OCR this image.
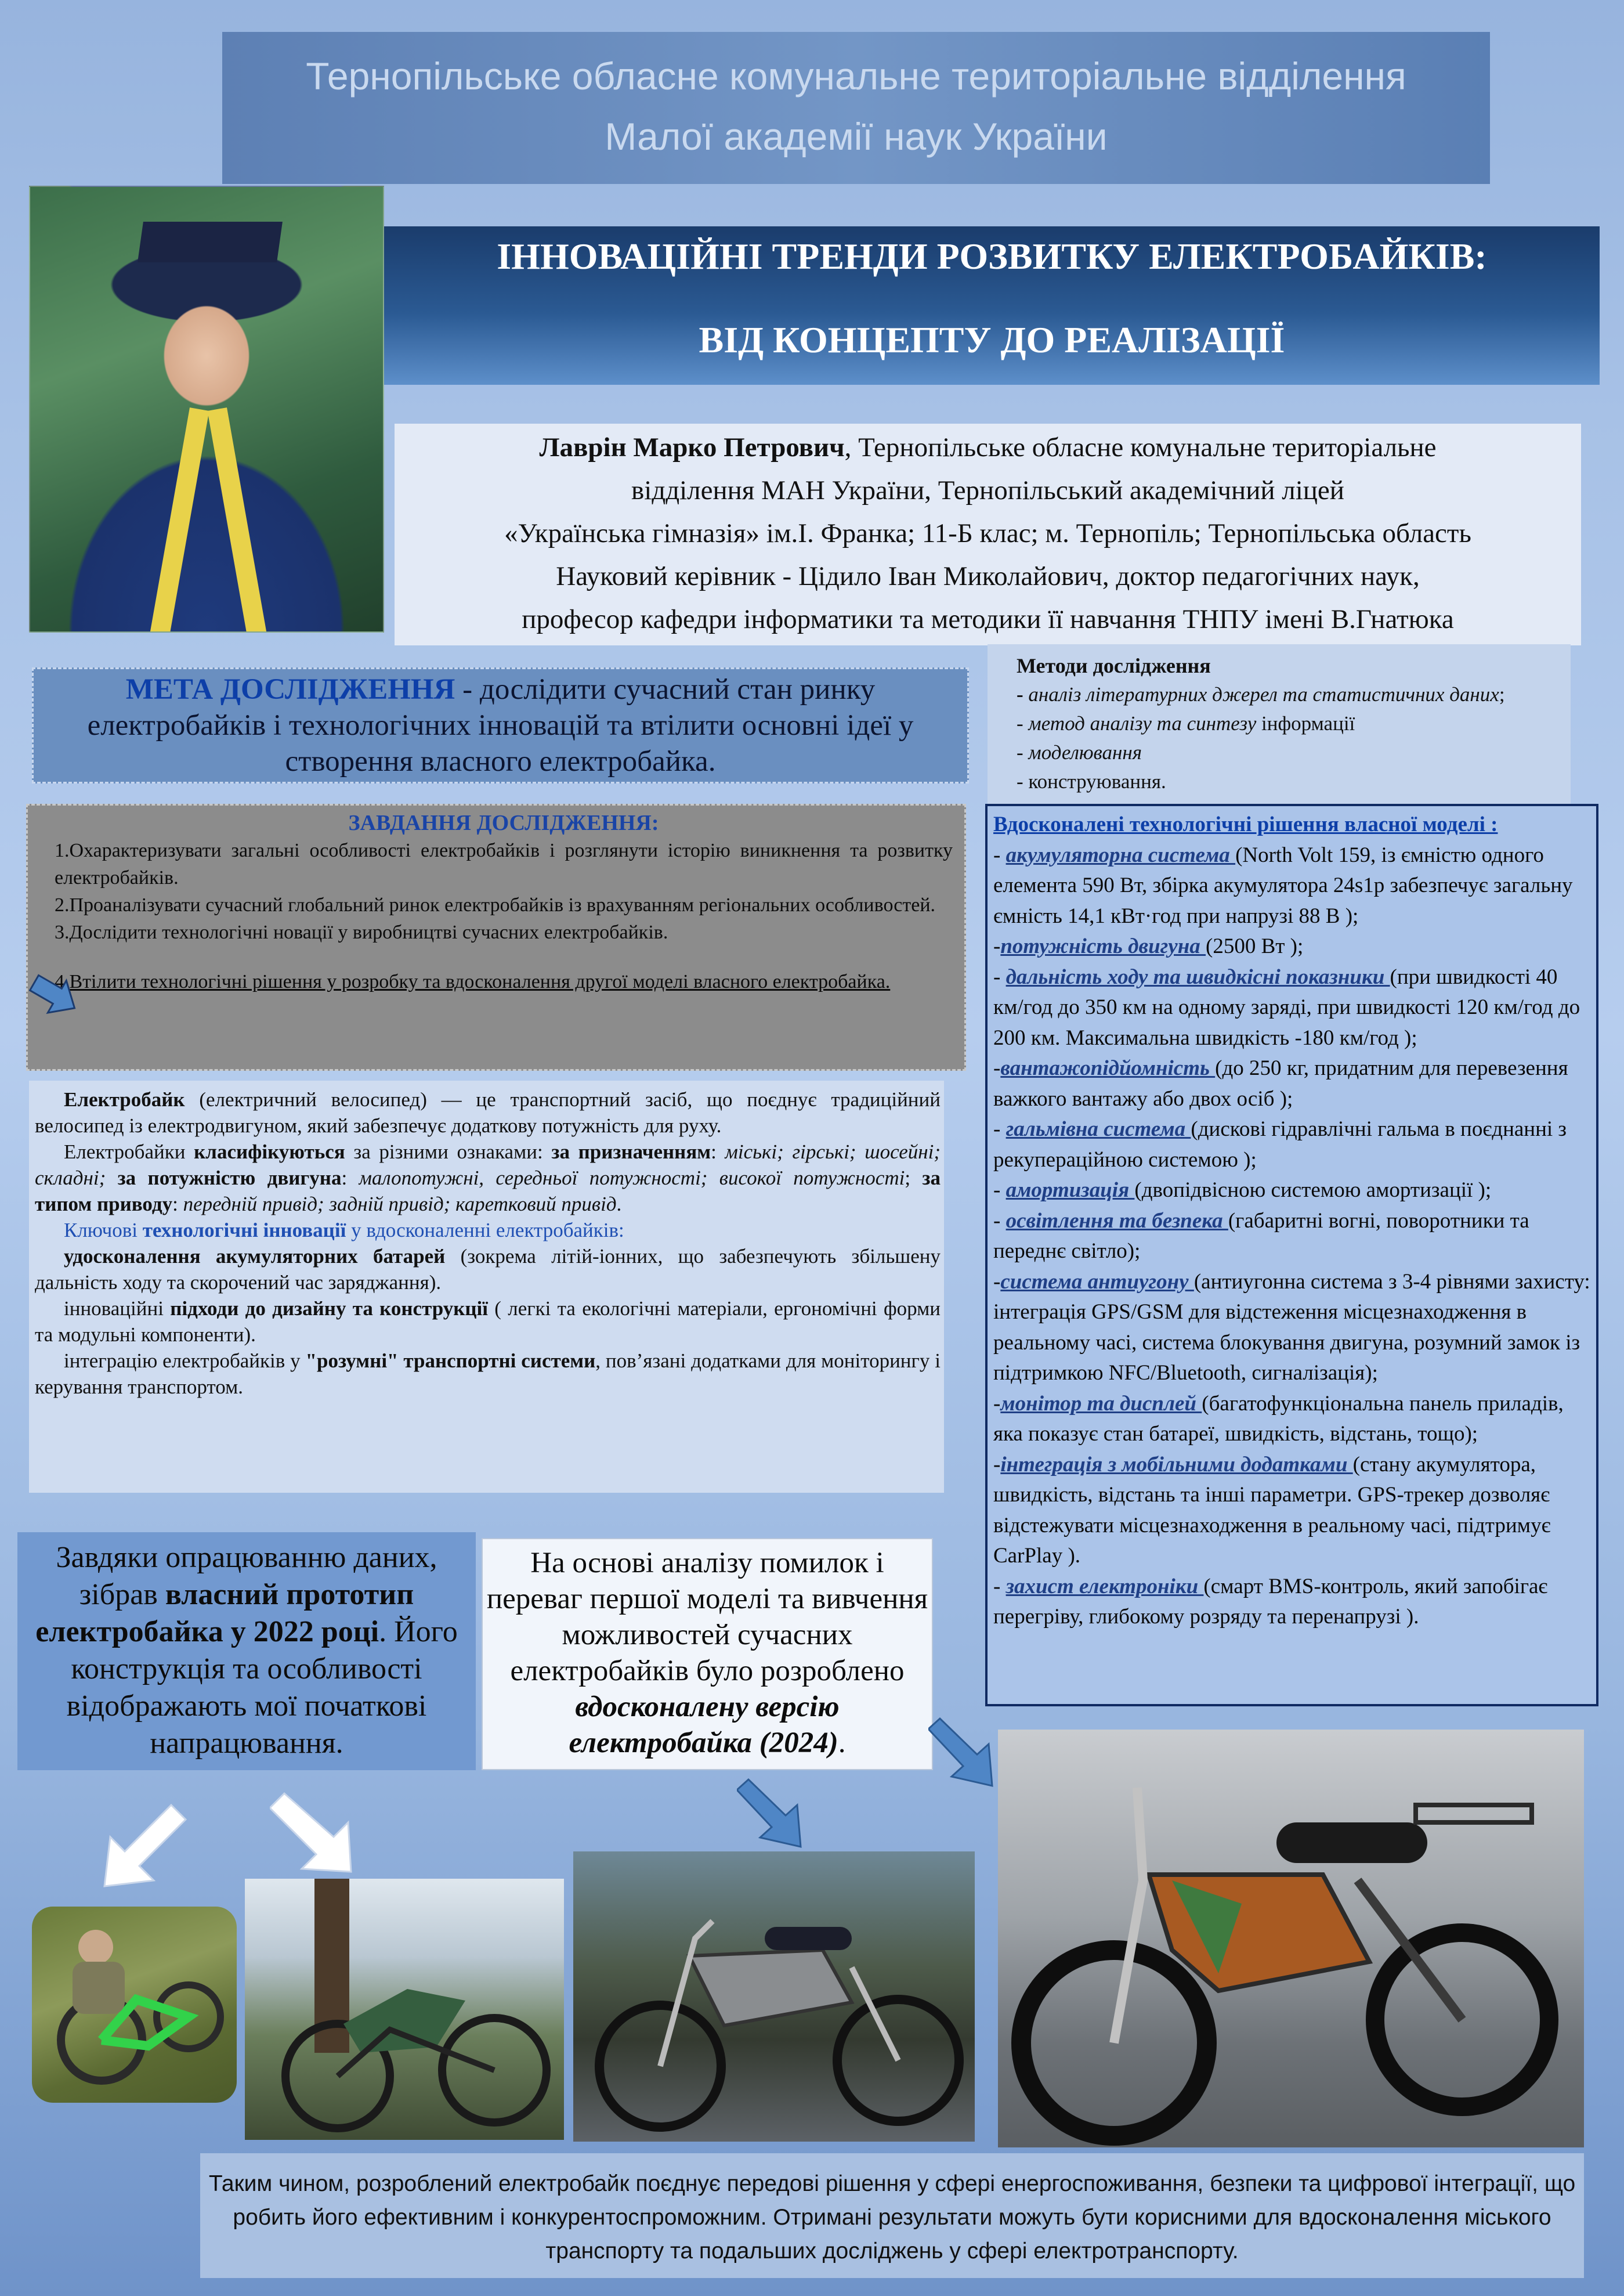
Тернопільське обласне комунальне територіальне відділення
Малої академії наук України
ІННОВАЦІЙНІ ТРЕНДИ РОЗВИТКУ ЕЛЕКТРОБАЙКІВ:
ВІД КОНЦЕПТУ ДО РЕАЛІЗАЦІЇ
Лаврін Марко Петрович, Тернопільське обласне комунальне територіальне
відділення МАН України, Тернопільський академічний ліцей
«Українська гімназія» ім.І. Франка; 11-Б клас; м. Тернопіль; Тернопільська область
Науковий керівник - Цідило Іван Миколайович, доктор педагогічних наук,
професор кафедри інформатики та методики її навчання ТНПУ імені В.Гнатюка
МЕТА ДОСЛІДЖЕННЯ - дослідити сучасний стан ринку електробайків і технологічних інновацій та втілити основні ідеї у створення власного електробайка.
Методи дослідження
- аналіз літературних джерел та статистичних даних;
- метод аналізу та синтезу інформації
- моделювання
- конструювання.
ЗАВДАННЯ ДОСЛІДЖЕННЯ:
1.Охарактеризувати загальні особливості електробайків і розглянути історію виникнення та розвитку електробайків.
2.Проаналізувати сучасний глобальний ринок електробайків із врахуванням регіональних особливостей.
3.Дослідити технологічні новації у виробництві сучасних електробайків.
4.Втілити технологічні рішення у розробку та вдосконалення другої моделі власного електробайка.

Електробайк (електричний велосипед) — це транспортний засіб, що поєднує традиційний велосипед із електродвигуном, який забезпечує додаткову потужність для руху.

Електробайки класифікуються за різними ознаками: за призначенням: міські; гірські; шосейні; складні; за потужністю двигуна: малопотужні, середньої потужності; високої потужності; за типом приводу: передній привід; задній привід; каретковий привід.

Ключові технологічні інновації у вдосконаленні електробайків:

удосконалення акумуляторних батарей (зокрема літій-іонних, що забезпечують збільшену дальність ходу та скорочений час заряджання).

інноваційні підходи до дизайну та конструкції ( легкі та екологічні матеріали, ергономічні форми та модульні компоненти).

інтеграцію електробайків у "розумні" транспортні системи, пов’язані додатками для моніторингу і керування транспортом.

Вдосконалені технологічні рішення власної моделі :
- акумуляторна система (North Volt 159, із ємністю одного елемента 590 Вт, збірка акумулятора 24s1p забезпечує загальну ємність 14,1 кВт·год при напрузі 88 В );
-потужність двигуна (2500 Вт );
- дальність ходу та швидкісні показники (при швидкості 40 км/год до 350 км на одному заряді, при швидкості 120 км/год до 200 км. Максимальна швидкість -180 км/год );
-вантажопідйомність (до 250 кг, придатним для перевезення важкого вантажу або двох осіб );
- гальмівна система (дискові гідравлічні гальма в поєднанні з рекупераційною системою );
- амортизація (двопідвісною системою амортизації );
- освітлення та безпека (габаритні вогні, поворотники та переднє світло);
-система антиугону (антиугонна система з 3-4 рівнями захисту: інтеграція GPS/GSM для відстеження місцезнаходження в реальному часі, система блокування двигуна, розумний замок із підтримкою NFC/Bluetooth, сигналізація);
-монітор та дисплей (багатофункціональна панель приладів, яка показує стан батареї, швидкість, відстань, тощо);
-інтеграція з мобільними додатками (стану акумулятора, швидкість, відстань та інші параметри. GPS-трекер дозволяє відстежувати місцезнаходження в реальному часі, підтримує CarPlay ).
- захист електроніки (смарт BMS-контроль, який запобігає перегріву, глибокому розряду та перенапрузі ).
Завдяки опрацюванню даних, зібрав власний прототип електробайка у 2022 році. Його конструкція та особливості відображають мої початкові напрацювання.
На основі аналізу помилок і переваг першої моделі та вивчення можливостей сучасних електробайків було розроблено вдосконалену версію електробайка (2024).
Таким чином, розроблений електробайк поєднує передові рішення у сфері енергоспоживання, безпеки та цифрової інтеграції, що робить його ефективним і конкурентоспроможним. Отримані результати можуть бути корисними для вдосконалення міського транспорту та подальших досліджень у сфері електротранспорту.
